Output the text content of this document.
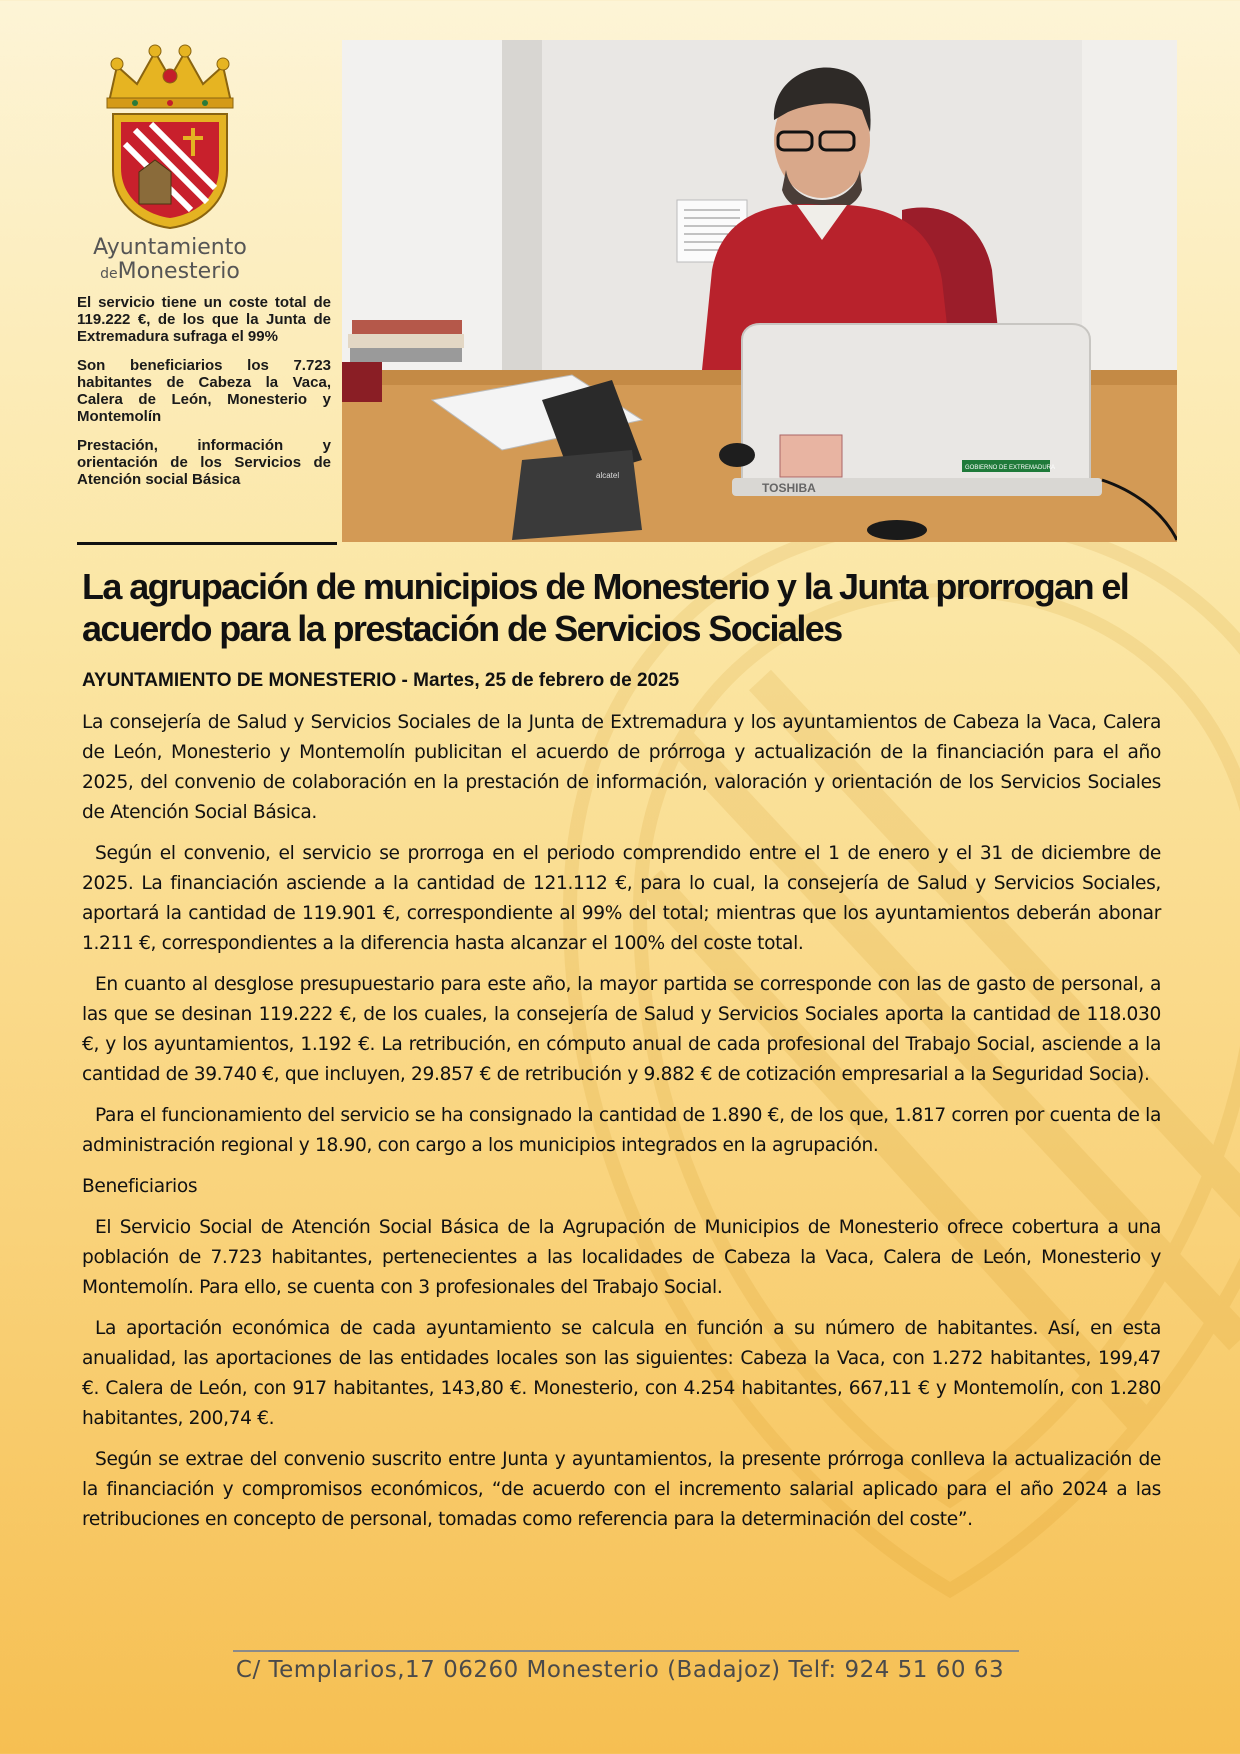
Ayuntamiento
deMonesterio

El servicio tiene un coste total de 119.222 €, de los que la Junta de Extremadura sufraga el 99%

Son beneficiarios los 7.723 habitantes de Cabeza la Vaca, Calera de León, Monesterio y Montemolín

Prestación, información y orientación de los Servicios de Atención social Básica	TOSHIBA
GOBIERNO DE EXTREMADURA
alcatel
La agrupación de municipios de Monesterio y la Junta prorrogan el acuerdo para la prestación de Servicios Sociales

AYUNTAMIENTO DE MONESTERIO - Martes, 25 de febrero de 2025

La consejería de Salud y Servicios Sociales de la Junta de Extremadura y los ayuntamientos de Cabeza la Vaca, Calera de León, Monesterio y Montemolín publicitan el acuerdo de prórroga y actualización de la financiación para el año 2025, del convenio de colaboración en la prestación de información, valoración y orientación de los Servicios Sociales de Atención Social Básica.

Según el convenio, el servicio se prorroga en el periodo comprendido entre el 1 de enero y el 31 de diciembre de 2025. La financiación asciende a la cantidad de 121.112 €, para lo cual, la consejería de Salud y Servicios Sociales, aportará la cantidad de 119.901 €, correspondiente al 99% del total; mientras que los ayuntamientos deberán abonar 1.211 €, correspondientes a la diferencia hasta alcanzar el 100% del coste total.

En cuanto al desglose presupuestario para este año, la mayor partida se corresponde con las de gasto de personal, a las que se desinan 119.222 €, de los cuales, la consejería de Salud y Servicios Sociales aporta la cantidad de 118.030 €, y los ayuntamientos, 1.192 €. La retribución, en cómputo anual de cada profesional del Trabajo Social, asciende a la cantidad de 39.740 €, que incluyen, 29.857 € de retribución y 9.882 € de cotización empresarial a la Seguridad Socia).

Para el funcionamiento del servicio se ha consignado la cantidad de 1.890 €, de los que, 1.817 corren por cuenta de la administración regional y 18.90, con cargo a los municipios integrados en la agrupación.

Beneficiarios

El Servicio Social de Atención Social Básica de la Agrupación de Municipios de Monesterio ofrece cobertura a una población de 7.723 habitantes, pertenecientes a las localidades de Cabeza la Vaca, Calera de León, Monesterio y Montemolín. Para ello, se cuenta con 3 profesionales del Trabajo Social.

La aportación económica de cada ayuntamiento se calcula en función a su número de habitantes. Así, en esta anualidad, las aportaciones de las entidades locales son las siguientes: Cabeza la Vaca, con 1.272 habitantes, 199,47 €. Calera de León, con 917 habitantes, 143,80 €. Monesterio, con 4.254 habitantes, 667,11 € y Montemolín, con 1.280 habitantes, 200,74 €.

Según se extrae del convenio suscrito entre Junta y ayuntamientos, la presente prórroga conlleva la actualización de la financiación y compromisos económicos, “de acuerdo con el incremento salarial aplicado para el año 2024 a las retribuciones en concepto de personal, tomadas como referencia para la determinación del coste”.

C/ Templarios,17 06260 Monesterio (Badajoz) Telf: 924 51 60 63
